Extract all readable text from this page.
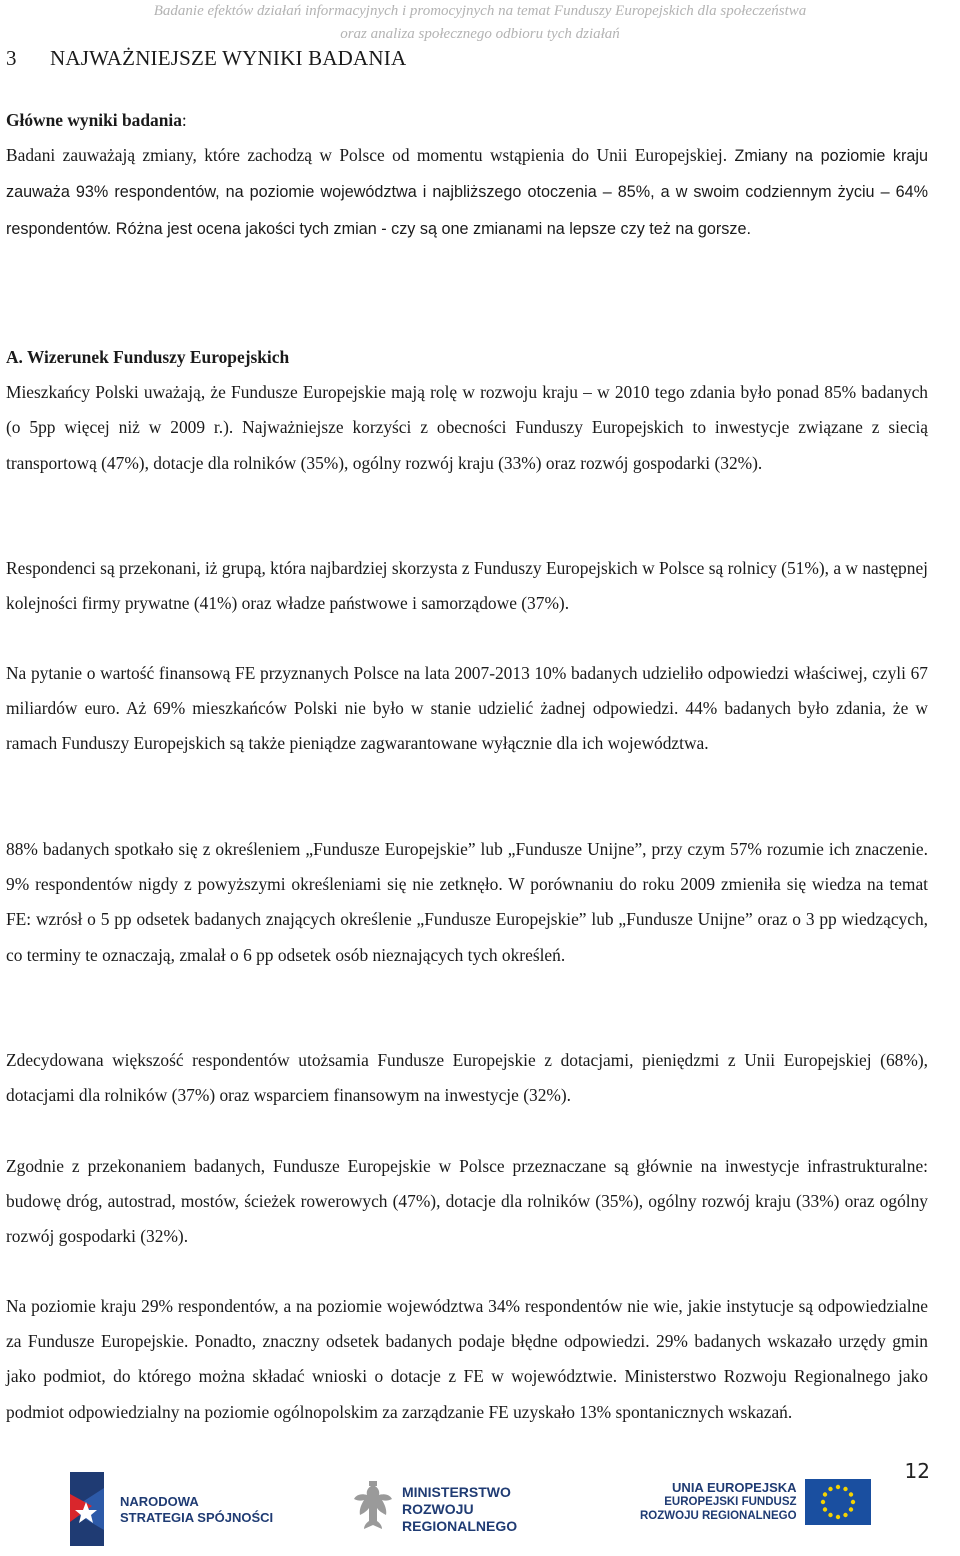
Badanie efektów działań informacyjnych i promocyjnych na temat Funduszy Europejskich dla społeczeństwa
oraz analiza społecznego odbioru tych działań
3 NAJWAŻNIEJSZE WYNIKI BADANIA

Główne wyniki badania:

Badani zauważają zmiany, które zachodzą w Polsce od momentu wstąpienia do Unii Europejskiej. Zmiany na poziomie kraju zauważa 93% respondentów, na poziomie województwa i najbliższego otoczenia – 85%, a w swoim codziennym życiu – 64% respondentów. Różna jest ocena jakości tych zmian - czy są one zmianami na lepsze czy też na gorsze.

A. Wizerunek Funduszy Europejskich

Mieszkańcy Polski uważają, że Fundusze Europejskie mają rolę w rozwoju kraju – w 2010 tego zdania było ponad 85% badanych (o 5pp więcej niż w 2009 r.). Najważniejsze korzyści z obecności Funduszy Europejskich to inwestycje związane z siecią transportową (47%), dotacje dla rolników (35%), ogólny rozwój kraju (33%) oraz rozwój gospodarki (32%).

Respondenci są przekonani, iż grupą, która najbardziej skorzysta z Funduszy Europejskich w Polsce są rolnicy (51%), a w następnej kolejności firmy prywatne (41%) oraz władze państwowe i samorządowe (37%).

Na pytanie o wartość finansową FE przyznanych Polsce na lata 2007-2013 10% badanych udzieliło odpowiedzi właściwej, czyli 67 miliardów euro. Aż 69% mieszkańców Polski nie było w stanie udzielić żadnej odpowiedzi. 44% badanych było zdania, że w ramach Funduszy Europejskich są także pieniądze zagwarantowane wyłącznie dla ich województwa.

88% badanych spotkało się z określeniem „Fundusze Europejskie” lub „Fundusze Unijne”, przy czym 57% rozumie ich znaczenie. 9% respondentów nigdy z powyższymi określeniami się nie zetknęło. W porównaniu do roku 2009 zmieniła się wiedza na temat FE: wzrósł o 5 pp odsetek badanych znających określenie „Fundusze Europejskie” lub „Fundusze Unijne” oraz o 3 pp wiedzących, co terminy te oznaczają, zmalał o 6 pp odsetek osób nieznających tych określeń.

Zdecydowana większość respondentów utożsamia Fundusze Europejskie z dotacjami, pieniędzmi z Unii Europejskiej (68%), dotacjami dla rolników (37%) oraz wsparciem finansowym na inwestycje (32%).

Zgodnie z przekonaniem badanych, Fundusze Europejskie w Polsce przeznaczane są głównie na inwestycje infrastrukturalne: budowę dróg, autostrad, mostów, ścieżek rowerowych (47%), dotacje dla rolników (35%), ogólny rozwój kraju (33%) oraz ogólny rozwój gospodarki (32%).

Na poziomie kraju 29% respondentów, a na poziomie województwa 34% respondentów nie wie, jakie instytucje są odpowiedzialne za Fundusze Europejskie. Ponadto, znaczny odsetek badanych podaje błędne odpowiedzi. 29% badanych wskazało urzędy gmin jako podmiot, do którego można składać wnioski o dotacje z FE w województwie. Ministerstwo Rozwoju Regionalnego jako podmiot odpowiedzialny na poziomie ogólnopolskim za zarządzanie FE uzyskało 13% spontanicznych wskazań.

12
NARODOWA
STRATEGIA SPÓJNOŚCI
MINISTERSTWO
ROZWOJU
REGIONALNEGO
UNIA EUROPEJSKA
EUROPEJSKI FUNDUSZ
ROZWOJU REGIONALNEGO
